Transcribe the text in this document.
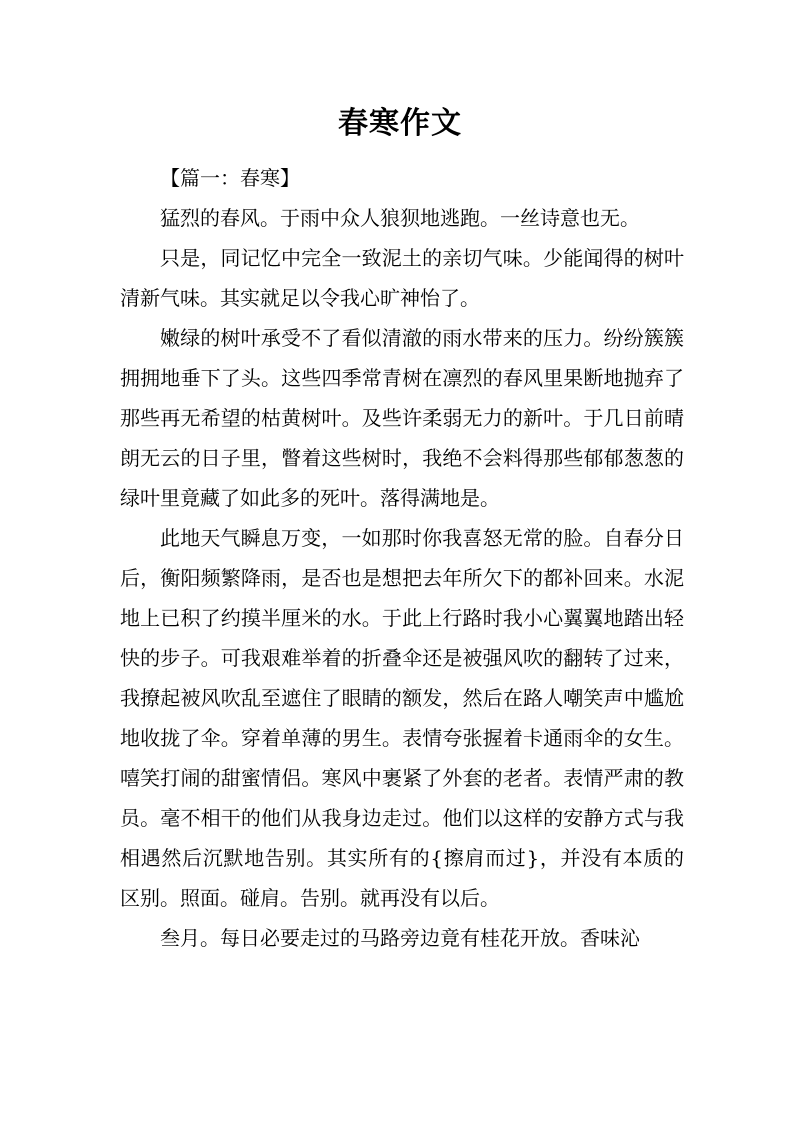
春寒作文

【篇一：春寒】

猛烈的春风。于雨中众人狼狈地逃跑。一丝诗意也无。

只是，同记忆中完全一致泥土的亲切气味。少能闻得的树叶清新气味。其实就足以令我心旷神怡了。

嫩绿的树叶承受不了看似清澈的雨水带来的压力。纷纷簇簇拥拥地垂下了头。这些四季常青树在凛烈的春风里果断地抛弃了那些再无希望的枯黄树叶。及些许柔弱无力的新叶。于几日前晴朗无云的日子里，瞥着这些树时，我绝不会料得那些郁郁葱葱的绿叶里竟藏了如此多的死叶。落得满地是。

此地天气瞬息万变，一如那时你我喜怒无常的脸。自春分日后，衡阳频繁降雨，是否也是想把去年所欠下的都补回来。水泥地上已积了约摸半厘米的水。于此上行路时我小心翼翼地踏出轻快的步子。可我艰难举着的折叠伞还是被强风吹的翻转了过来，我撩起被风吹乱至遮住了眼睛的额发，然后在路人嘲笑声中尴尬地收拢了伞。穿着单薄的男生。表情夸张握着卡通雨伞的女生。嘻笑打闹的甜蜜情侣。寒风中裹紧了外套的老者。表情严肃的教员。毫不相干的他们从我身边走过。他们以这样的安静方式与我相遇然后沉默地告别。其实所有的{擦肩而过}，并没有本质的区别。照面。碰肩。告别。就再没有以后。

叁月。每日必要走过的马路旁边竟有桂花开放。香味沁
